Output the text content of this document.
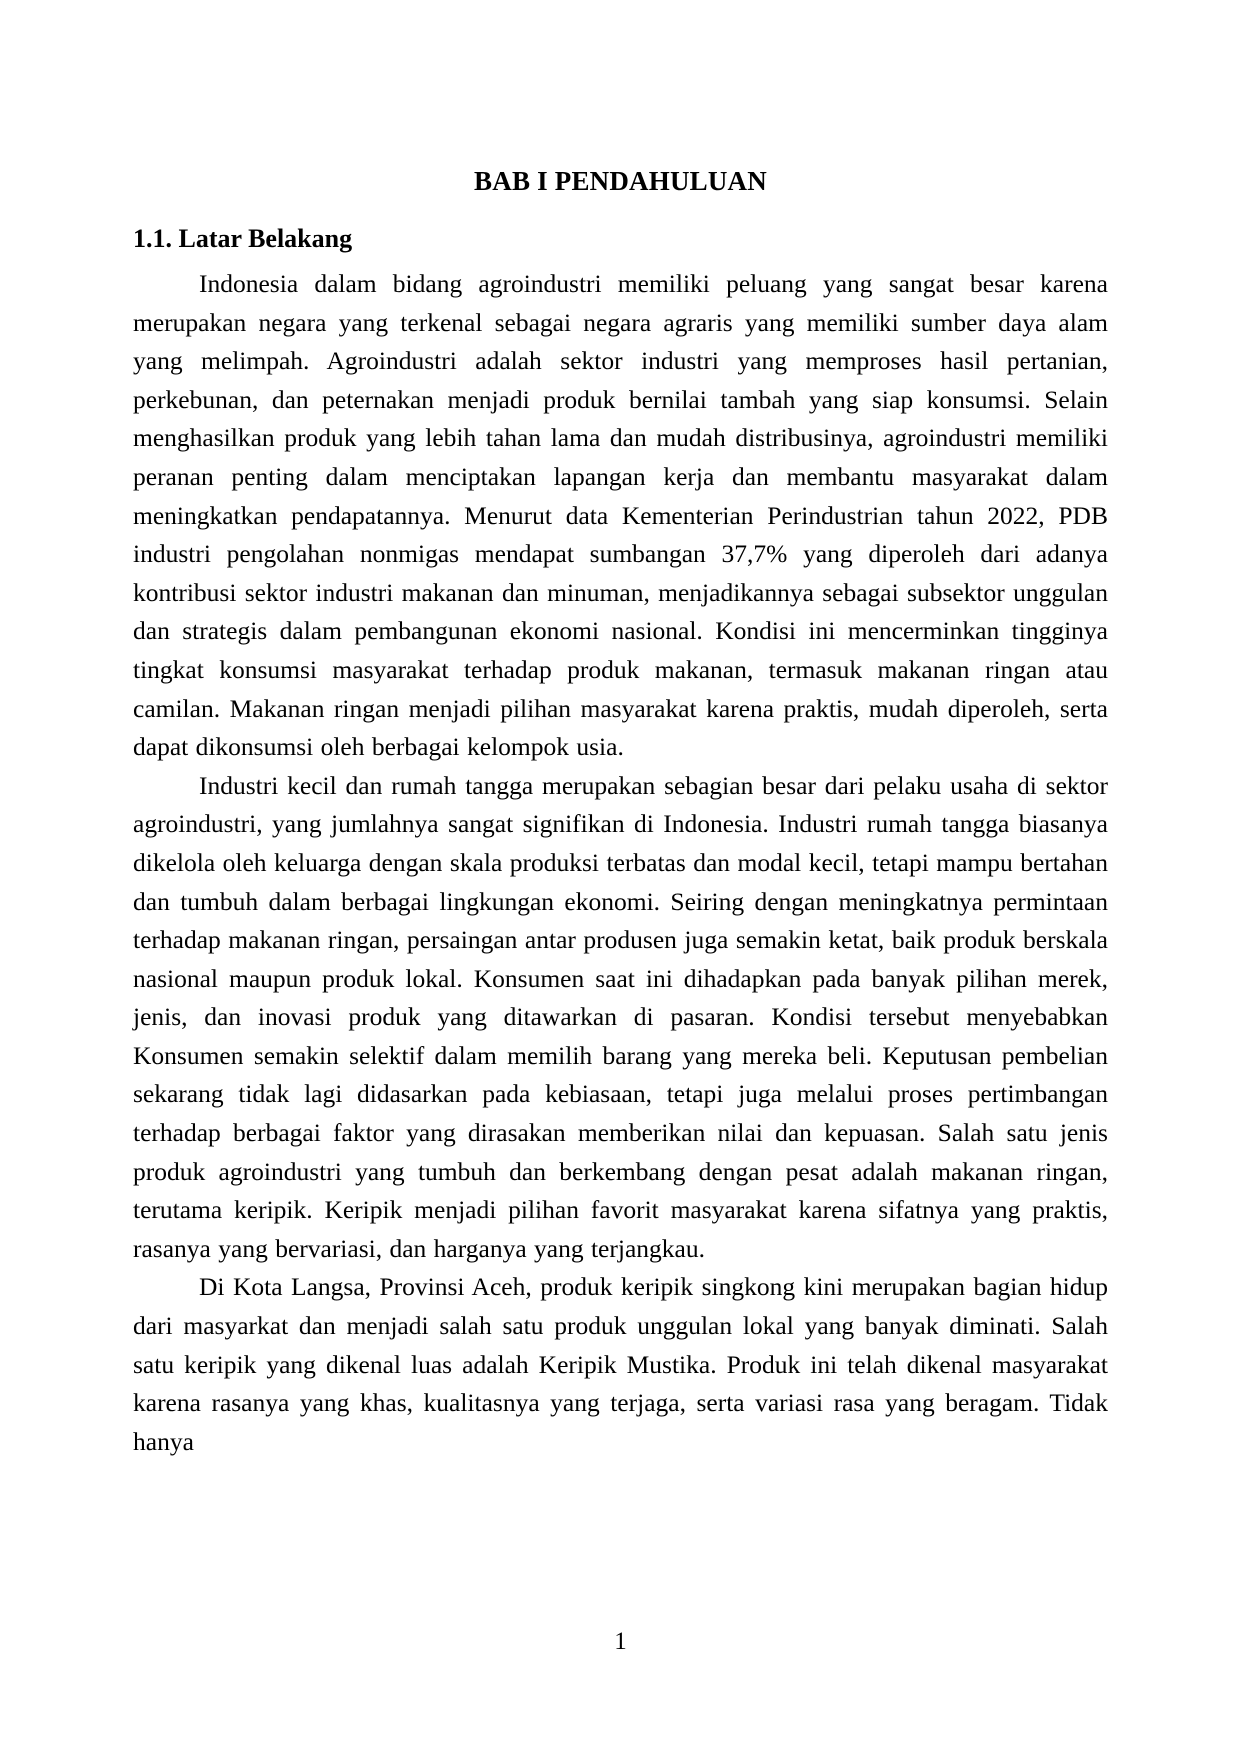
BAB I PENDAHULUAN
1.1. Latar Belakang

Indonesia dalam bidang agroindustri memiliki peluang yang sangat besar karena merupakan negara yang terkenal sebagai negara agraris yang memiliki sumber daya alam yang melimpah. Agroindustri adalah sektor industri yang memproses hasil pertanian, perkebunan, dan peternakan menjadi produk bernilai tambah yang siap konsumsi. Selain menghasilkan produk yang lebih tahan lama dan mudah distribusinya, agroindustri memiliki peranan penting dalam menciptakan lapangan kerja dan membantu masyarakat dalam meningkatkan pendapatannya. Menurut data Kementerian Perindustrian tahun 2022, PDB industri pengolahan nonmigas mendapat sumbangan 37,7% yang diperoleh dari adanya kontribusi sektor industri makanan dan minuman, menjadikannya sebagai subsektor unggulan dan strategis dalam pembangunan ekonomi nasional. Kondisi ini mencerminkan tingginya tingkat konsumsi masyarakat terhadap produk makanan, termasuk makanan ringan atau camilan. Makanan ringan menjadi pilihan masyarakat karena praktis, mudah diperoleh, serta dapat dikonsumsi oleh berbagai kelompok usia.

Industri kecil dan rumah tangga merupakan sebagian besar dari pelaku usaha di sektor agroindustri, yang jumlahnya sangat signifikan di Indonesia. Industri rumah tangga biasanya dikelola oleh keluarga dengan skala produksi terbatas dan modal kecil, tetapi mampu bertahan dan tumbuh dalam berbagai lingkungan ekonomi. Seiring dengan meningkatnya permintaan terhadap makanan ringan, persaingan antar produsen juga semakin ketat, baik produk berskala nasional maupun produk lokal. Konsumen saat ini dihadapkan pada banyak pilihan merek, jenis, dan inovasi produk yang ditawarkan di pasaran. Kondisi tersebut menyebabkan Konsumen semakin selektif dalam memilih barang yang mereka beli. Keputusan pembelian sekarang tidak lagi didasarkan pada kebiasaan, tetapi juga melalui proses pertimbangan terhadap berbagai faktor yang dirasakan memberikan nilai dan kepuasan. Salah satu jenis produk agroindustri yang tumbuh dan berkembang dengan pesat adalah makanan ringan, terutama keripik. Keripik menjadi pilihan favorit masyarakat karena sifatnya yang praktis, rasanya yang bervariasi, dan harganya yang terjangkau.

Di Kota Langsa, Provinsi Aceh, produk keripik singkong kini merupakan bagian hidup dari masyarkat dan menjadi salah satu produk unggulan lokal yang banyak diminati. Salah satu keripik yang dikenal luas adalah Keripik Mustika. Produk ini telah dikenal masyarakat karena rasanya yang khas, kualitasnya yang terjaga, serta variasi rasa yang beragam. Tidak hanya

1
